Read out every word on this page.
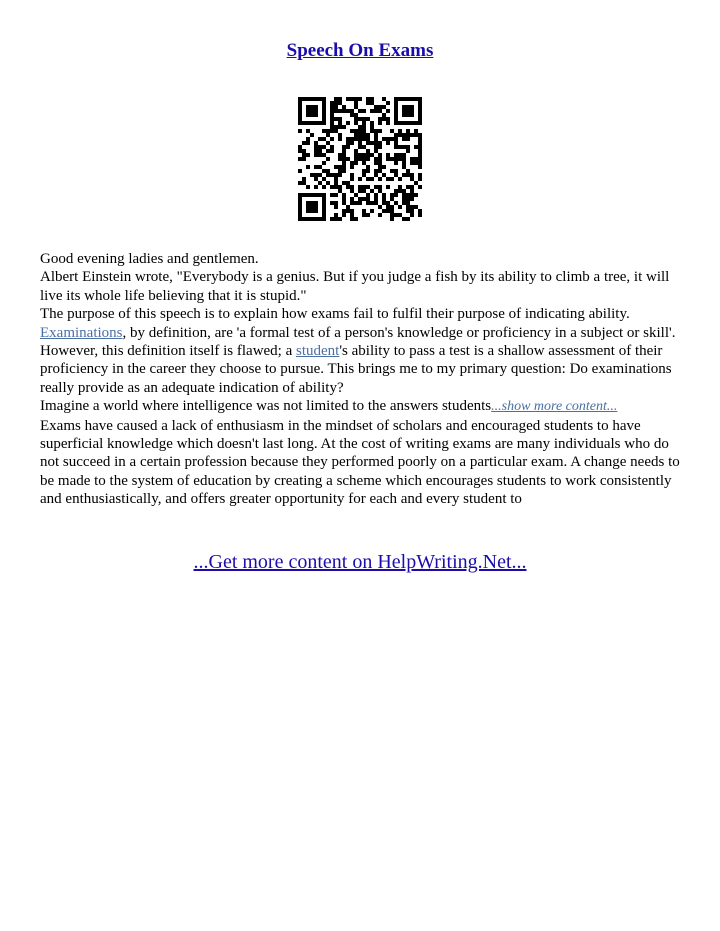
Speech On Exams

Good evening ladies and gentlemen.

Albert Einstein wrote, "Everybody is a genius. But if you judge a fish by its ability to climb a tree, it will live its whole life believing that it is stupid."

The purpose of this speech is to explain how exams fail to fulfil their purpose of indicating ability.

Examinations, by definition, are 'a formal test of a person's knowledge or proficiency in a subject or skill'. However, this definition itself is flawed; a student's ability to pass a test is a shallow assessment of their proficiency in the career they choose to pursue. This brings me to my primary question: Do examinations really provide as an adequate indication of ability?

Imagine a world where intelligence was not limited to the answers students...show more content...

Exams have caused a lack of enthusiasm in the mindset of scholars and encouraged students to have superficial knowledge which doesn't last long. At the cost of writing exams are many individuals who do not succeed in a certain profession because they performed poorly on a particular exam. A change needs to be made to the system of education by creating a scheme which encourages students to work consistently and enthusiastically, and offers greater opportunity for each and every student to

...Get more content on HelpWriting.Net...
